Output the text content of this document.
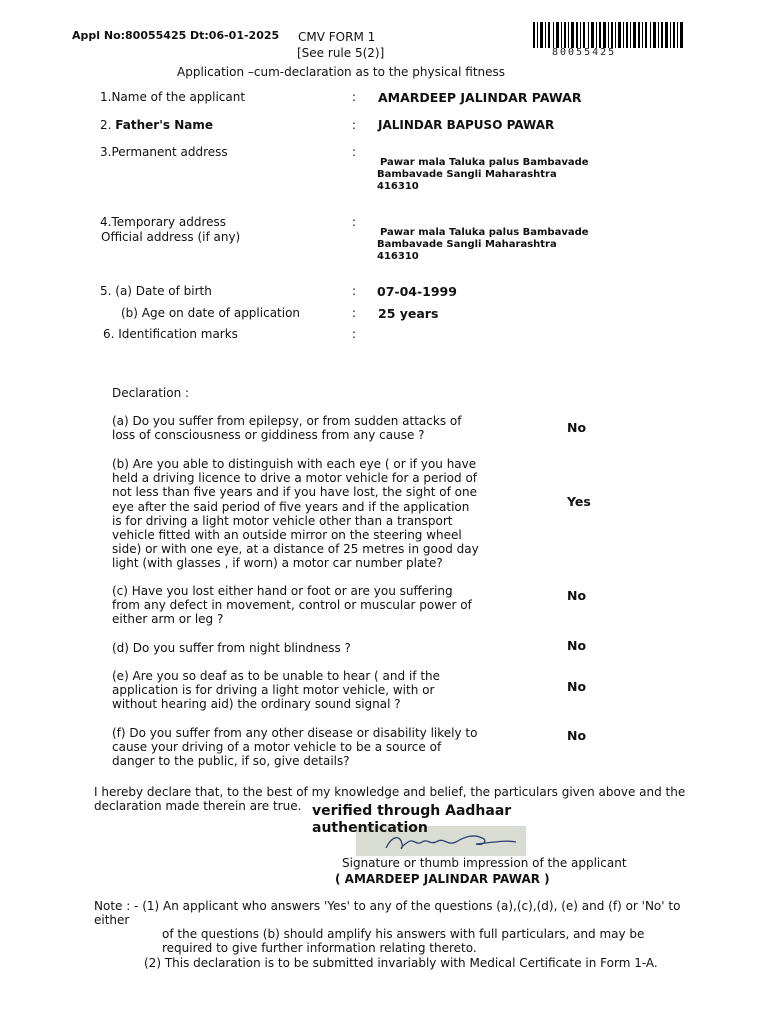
Appl No:80055425 Dt:06-01-2025 CMV FORM 1
[See rule 5(2)]
Application –cum-declaration as to the physical fitness
80055425
1.Name of the applicant	: AMARDEEP JALINDAR PAWAR
2. Father's Name	: JALINDAR BAPUSO PAWAR
3.Permanent address	:
Pawar mala Taluka palus Bambavade
Bambavade Sangli Maharashtra
416310
4.Temporary address
Official address (if any)
:
Pawar mala Taluka palus Bambavade
Bambavade Sangli Maharashtra
416310
5. (a) Date of birth	: 07-04-1999
(b) Age on date of application	: 25 years
6. Identification marks	:
Declaration :
(a) Do you suffer from epilepsy, or from sudden attacks of loss of consciousness or giddiness from any cause ?
No
(b) Are you able to distinguish with each eye ( or if you have held a driving licence to drive a motor vehicle for a period of not less than five years and if you have lost, the sight of one eye after the said period of five years and if the application is for driving a light motor vehicle other than a transport vehicle fitted with an outside mirror on the steering wheel side) or with one eye, at a distance of 25 metres in good day light (with glasses , if worn) a motor car number plate?
Yes
(c) Have you lost either hand or foot or are you suffering from any defect in movement, control or muscular power of either arm or leg ?
No
(d) Do you suffer from night blindness ?	No
(e) Are you so deaf as to be unable to hear ( and if the application is for driving a light motor vehicle, with or without hearing aid) the ordinary sound signal ?
No
(f) Do you suffer from any other disease or disability likely to cause your driving of a motor vehicle to be a source of danger to the public, if so, give details?
No
I hereby declare that, to the best of my knowledge and belief, the particulars given above and the
declaration made therein are true. verified through Aadhaar
authentication
Signature or thumb impression of the applicant
( AMARDEEP JALINDAR PAWAR )
Note : - (1) An applicant who answers 'Yes' to any of the questions (a),(c),(d), (e) and (f) or 'No' to
either
of the questions (b) should amplify his answers with full particulars, and may be
required to give further information relating thereto.
(2) This declaration is to be submitted invariably with Medical Certificate in Form 1-A.
